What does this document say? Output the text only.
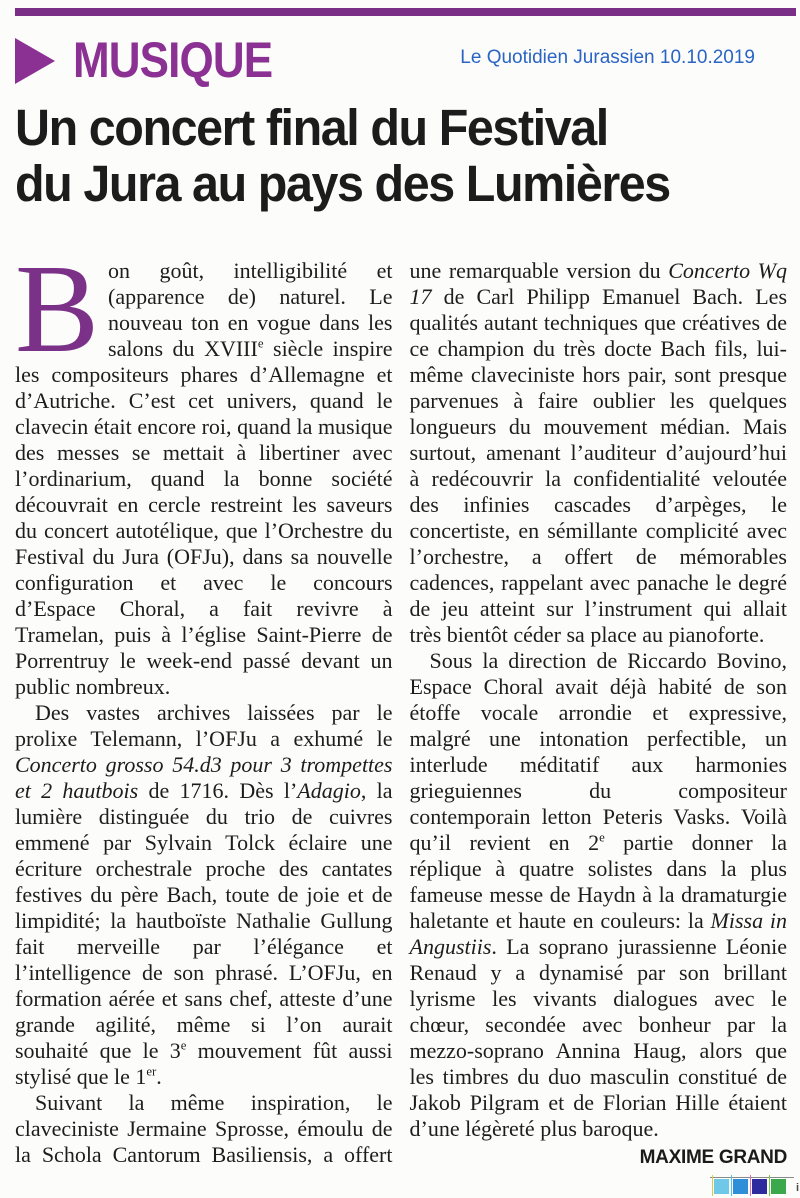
MUSIQUE	Le Quotidien Jurassien 10.10.2019
Un concert final du Festival
du Jura au pays des Lumières

Bon goût, intelligibilité et (apparence de) naturel. Le nouveau ton en vogue dans les salons du XVIIIe siècle inspire les compositeurs phares d’Allemagne et d’Autriche. C’est cet univers, quand le clavecin était encore roi, quand la musique des messes se mettait à libertiner avec l’ordinarium, quand la bonne société découvrait en cercle restreint les saveurs du concert autotélique, que l’Orchestre du Festival du Jura (OFJu), dans sa nouvelle configuration et avec le concours d’Espace Choral, a fait revivre à Tramelan, puis à l’église Saint-Pierre de Porrentruy le week-end passé devant un public nombreux.

Des vastes archives laissées par le prolixe Telemann, l’OFJu a exhumé le Concerto grosso 54.d3 pour 3 trompettes et 2 hautbois de 1716. Dès l’Adagio, la lumière distinguée du trio de cuivres emmené par Sylvain Tolck éclaire une écriture orchestrale proche des cantates festives du père Bach, toute de joie et de limpidité; la hautboïste Nathalie Gullung fait merveille par l’élégance et l’intelligence de son phrasé. L’OFJu, en formation aérée et sans chef, atteste d’une grande agilité, même si l’on aurait souhaité que le 3e mouvement fût aussi stylisé que le 1er.

Suivant la même inspiration, le claveciniste Jermaine Sprosse, émoulu de la Schola Cantorum Basiliensis, a offert

une remarquable version du Concerto Wq 17 de Carl Philipp Emanuel Bach. Les qualités autant techniques que créatives de ce champion du très docte Bach fils, lui-même claveciniste hors pair, sont presque parvenues à faire oublier les quelques longueurs du mouvement médian. Mais surtout, amenant l’auditeur d’aujourd’hui à redécouvrir la confidentialité veloutée des infinies cascades d’arpèges, le concertiste, en sémillante complicité avec l’orchestre, a offert de mémorables cadences, rappelant avec panache le degré de jeu atteint sur l’instrument qui allait très bientôt céder sa place au pianoforte.

Sous la direction de Riccardo Bovino, Espace Choral avait déjà habité de son étoffe vocale arrondie et expressive, malgré une intonation perfectible, un interlude méditatif aux harmonies grieguiennes du compositeur contemporain letton Peteris Vasks. Voilà qu’il revient en 2e partie donner la réplique à quatre solistes dans la plus fameuse messe de Haydn à la dramaturgie haletante et haute en couleurs: la Missa in Angustiis. La soprano jurassienne Léonie Renaud y a dynamisé par son brillant lyrisme les vivants dialogues avec le chœur, secondée avec bonheur par la mezzo-soprano Annina Haug, alors que les timbres du duo masculin constitué de Jakob Pilgram et de Florian Hille étaient d’une légèreté plus baroque.

MAXIME GRAND
i
